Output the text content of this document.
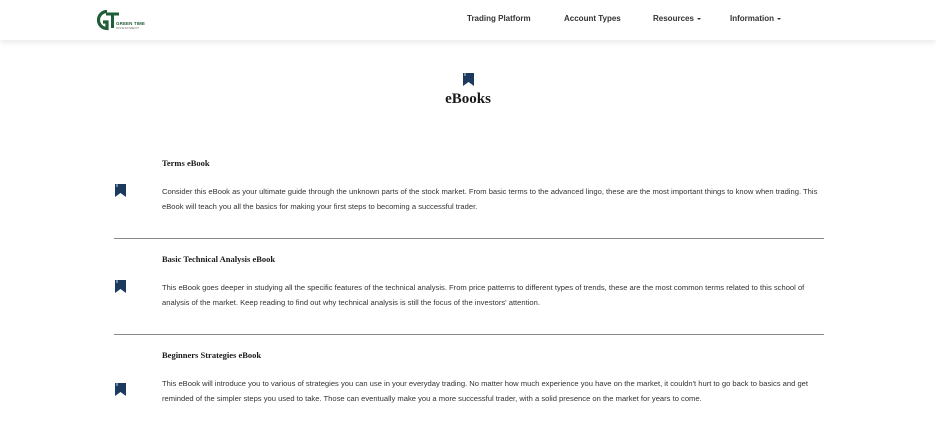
GREEN TIME
INVESTMENT
Trading Platform	Account Types	Resources	Information
eBooks
Terms eBook
Consider this eBook as your ultimate guide through the unknown parts of the stock market. From basic terms to the advanced lingo, these are the most important things to know when trading. This eBook will teach you all the basics for making your first steps to becoming a successful trader.
Basic Technical Analysis eBook
This eBook goes deeper in studying all the specific features of the technical analysis. From price patterns to different types of trends, these are the most common terms related to this school of analysis of the market. Keep reading to find out why technical analysis is still the focus of the investors' attention.
Beginners Strategies eBook
This eBook will introduce you to various of strategies you can use in your everyday trading. No matter how much experience you have on the market, it couldn't hurt to go back to basics and get reminded of the simpler steps you used to take. Those can eventually make you a more successful trader, with a solid presence on the market for years to come.
